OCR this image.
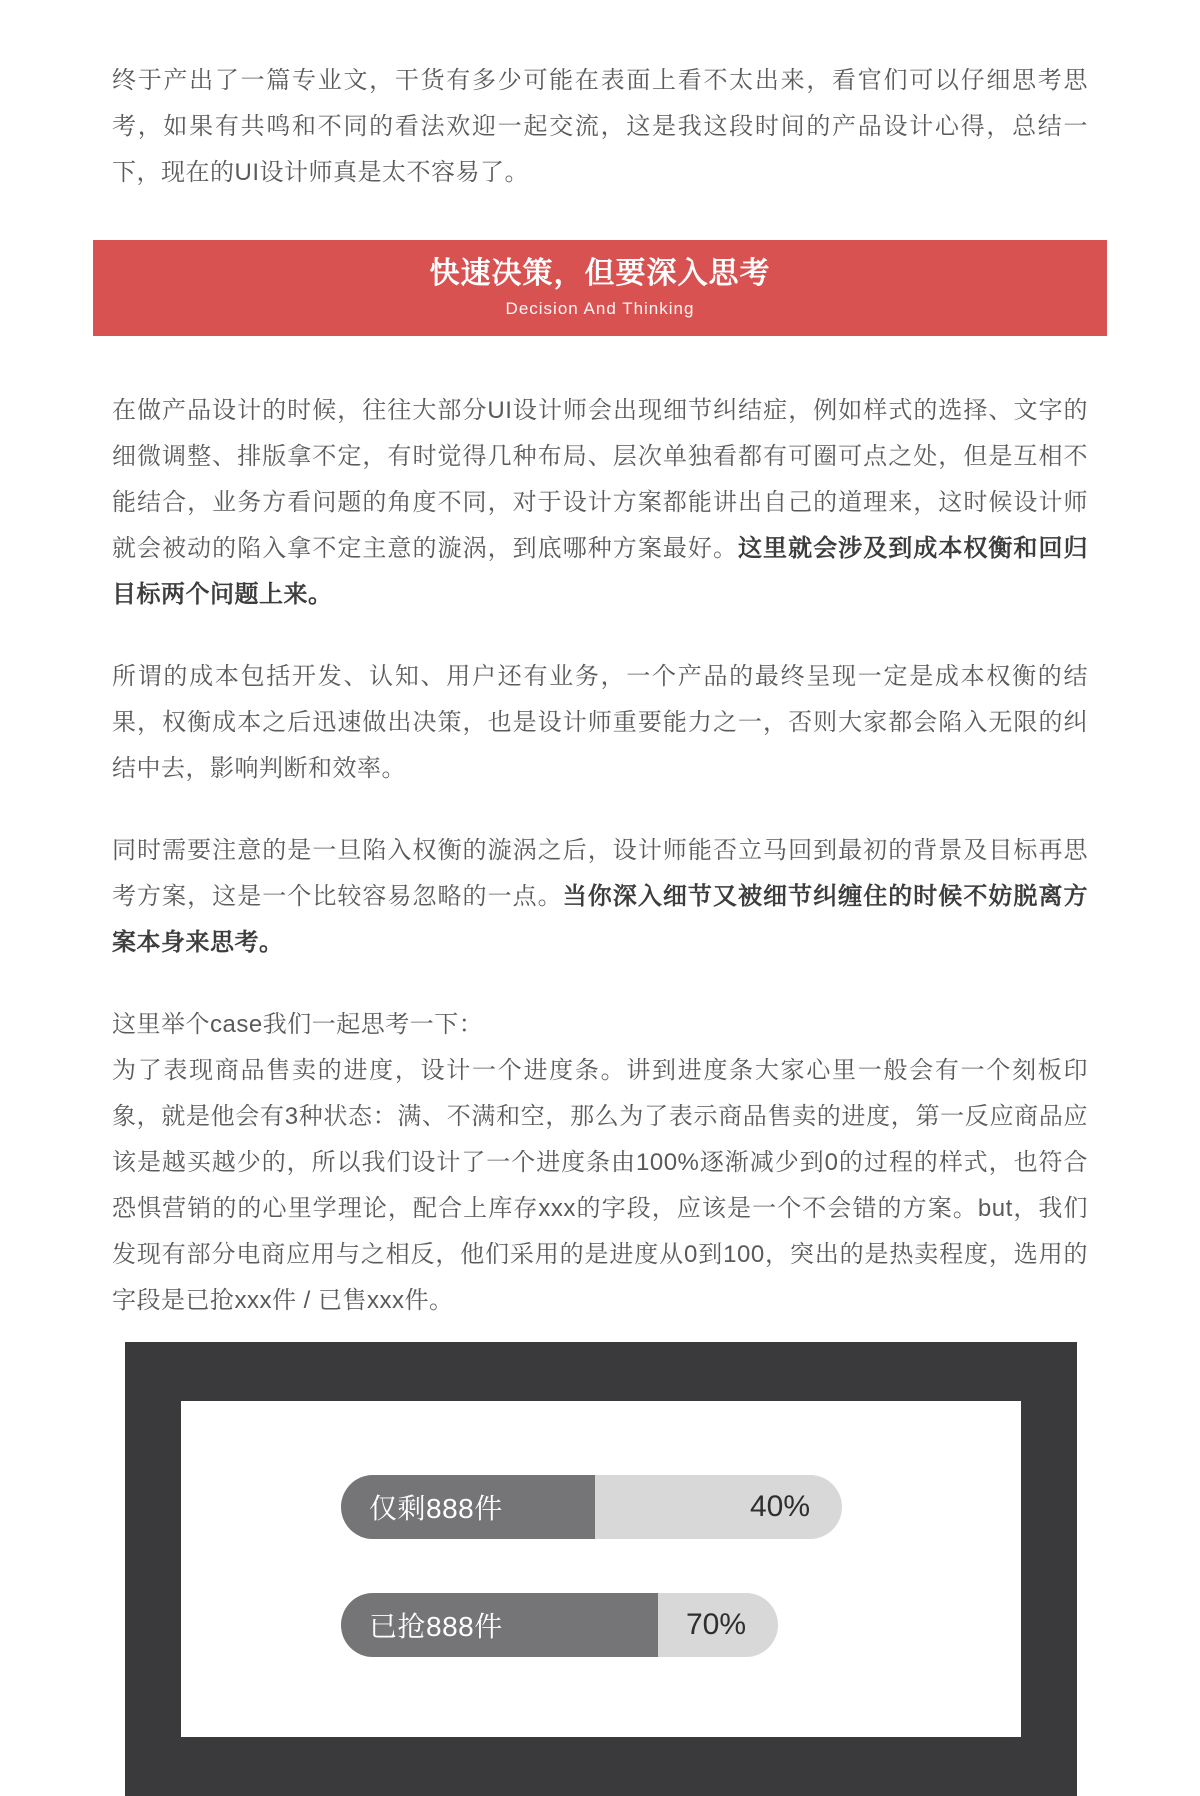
终于产出了一篇专业文，干货有多少可能在表面上看不太出来，看官们可以仔细思考思考，如果有共鸣和不同的看法欢迎一起交流，这是我这段时间的产品设计心得，总结一下，现在的UI设计师真是太不容易了。

快速决策，但要深入思考
Decision And Thinking

在做产品设计的时候，往往大部分UI设计师会出现细节纠结症，例如样式的选择、文字的细微调整、排版拿不定，有时觉得几种布局、层次单独看都有可圈可点之处，但是互相不能结合，业务方看问题的角度不同，对于设计方案都能讲出自己的道理来，这时候设计师就会被动的陷入拿不定主意的漩涡，到底哪种方案最好。这里就会涉及到成本权衡和回归目标两个问题上来。

所谓的成本包括开发、认知、用户还有业务，一个产品的最终呈现一定是成本权衡的结果，权衡成本之后迅速做出决策，也是设计师重要能力之一，否则大家都会陷入无限的纠结中去，影响判断和效率。

同时需要注意的是一旦陷入权衡的漩涡之后，设计师能否立马回到最初的背景及目标再思考方案，这是一个比较容易忽略的一点。当你深入细节又被细节纠缠住的时候不妨脱离方案本身来思考。

这里举个case我们一起思考一下：

为了表现商品售卖的进度，设计一个进度条。讲到进度条大家心里一般会有一个刻板印象，就是他会有3种状态：满、不满和空，那么为了表示商品售卖的进度，第一反应商品应该是越买越少的，所以我们设计了一个进度条由100%逐渐减少到0的过程的样式，也符合恐惧营销的的心里学理论，配合上库存xxx的字段，应该是一个不会错的方案。but，我们发现有部分电商应用与之相反，他们采用的是进度从0到100，突出的是热卖程度，选用的字段是已抢xxx件 / 已售xxx件。

仅剩888件	40%
已抢888件	70%
